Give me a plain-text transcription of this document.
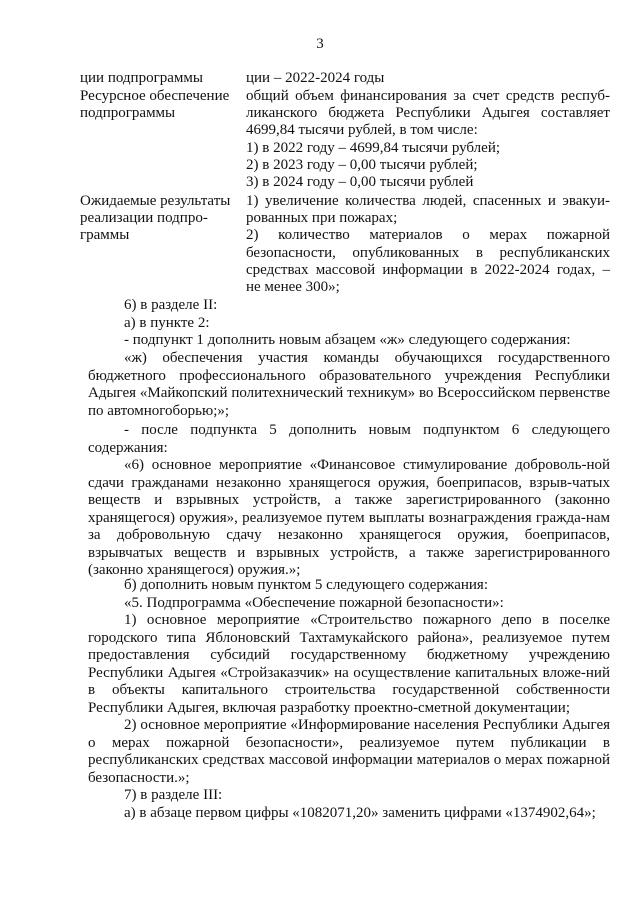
3
ции подпрограммы	ции – 2022-2024 годы
Ресурсное обеспечение
подпрограммы
общий объем финансирования за счет средств респуб-
ликанского бюджета Республики Адыгея составляет
4699,84 тысячи рублей, в том числе:
1) в 2022 году – 4699,84 тысячи рублей;
2) в 2023 году – 0,00 тысячи рублей;
3) в 2024 году – 0,00 тысячи рублей
Ожидаемые результаты
реализации подпро-
граммы
1) увеличение количества людей, спасенных и эвакуи-
рованных при пожарах;
2) количество материалов о мерах пожарной
безопасности, опубликованных в республиканских
средствах массовой информации в 2022-2024 годах, –
не менее 300»;
6) в разделе II:
а) в пункте 2:
- подпункт 1 дополнить новым абзацем «ж» следующего содержания:
«ж) обеспечения участия команды обучающихся государственного бюджетного профессионального образовательного учреждения Республики Адыгея «Майкопский политехнический техникум» во Всероссийском первенстве по автомногоборью;»;
- после подпункта 5 дополнить новым подпунктом 6 следующего содержания:
«6) основное мероприятие «Финансовое стимулирование доброволь-ной сдачи гражданами незаконно хранящегося оружия, боеприпасов, взрыв-чатых веществ и взрывных устройств, а также зарегистрированного (законно хранящегося) оружия», реализуемое путем выплаты вознаграждения гражда-нам за добровольную сдачу незаконно хранящегося оружия, боеприпасов, взрывчатых веществ и взрывных устройств, а также зарегистрированного (законно хранящегося) оружия.»;
б) дополнить новым пунктом 5 следующего содержания:
«5. Подпрограмма «Обеспечение пожарной безопасности»:
1) основное мероприятие «Строительство пожарного депо в поселке городского типа Яблоновский Тахтамукайского района», реализуемое путем предоставления субсидий государственному бюджетному учреждению Республики Адыгея «Стройзаказчик» на осуществление капитальных вложе-ний в объекты капитального строительства государственной собственности Республики Адыгея, включая разработку проектно-сметной документации;
2) основное мероприятие «Информирование населения Республики Адыгея о мерах пожарной безопасности», реализуемое путем публикации в республиканских средствах массовой информации материалов о мерах пожарной безопасности.»;
7) в разделе III:
а) в абзаце первом цифры «1082071,20» заменить цифрами «1374902,64»;
